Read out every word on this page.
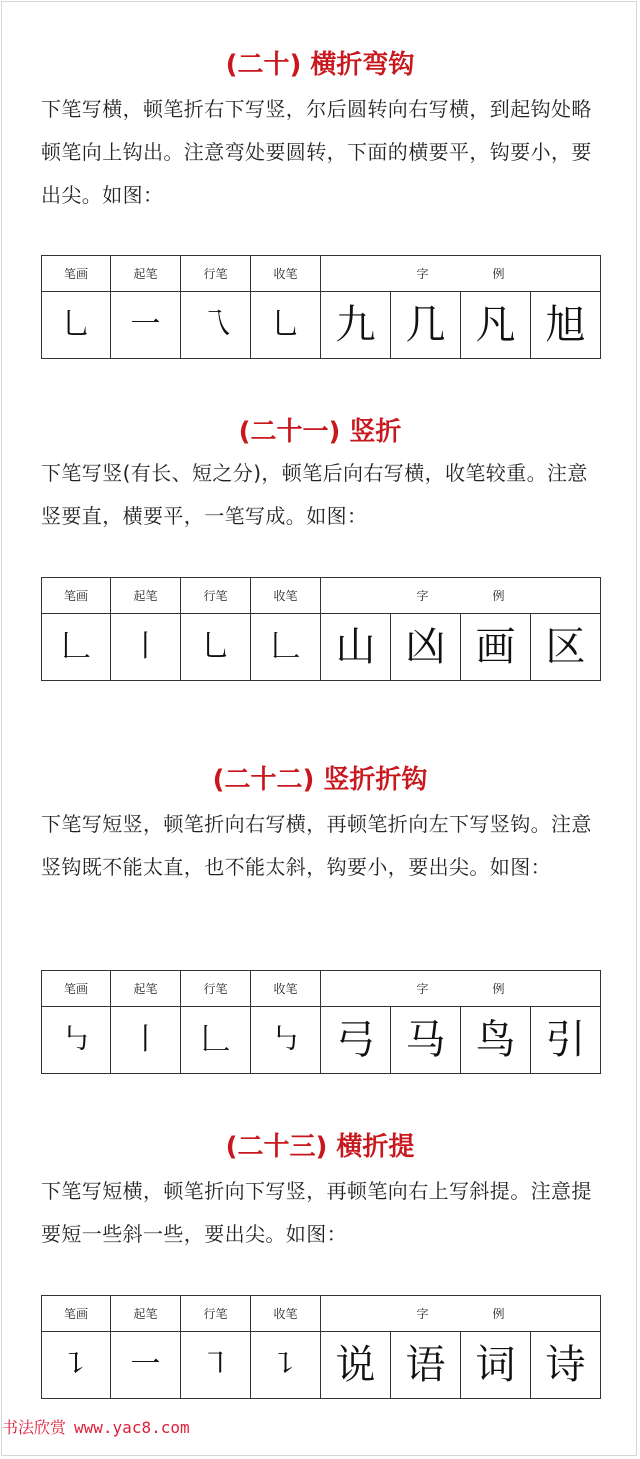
(二十) 横折弯钩
下笔写横，顿笔折右下写竖，尔后圆转向右写横，到起钩处略顿笔向上钩出。注意弯处要圆转，下面的横要平，钩要小，要出尖。如图：
笔画	起笔	行笔	收笔	字 例			

乚	一	乁	乚	九	几	凡	旭
(二十一) 竖折
下笔写竖(有长、短之分)，顿笔后向右写横，收笔较重。注意竖要直，横要平，一笔写成。如图：
笔画	起笔	行笔	收笔	字 例			

𠃊	丨	乚	𠃊	山	凶	画	区
(二十二) 竖折折钩
下笔写短竖，顿笔折向右写横，再顿笔折向左下写竖钩。注意竖钩既不能太直，也不能太斜，钩要小，要出尖。如图：
笔画	起笔	行笔	收笔	字 例			

㇉	丨	𠃊	㇉	弓	马	鸟	引
(二十三) 横折提
下笔写短横，顿笔折向下写竖，再顿笔向右上写斜提。注意提要短一些斜一些，要出尖。如图：
笔画	起笔	行笔	收笔	字 例			

㇊	一	㇕	㇊	说	语	词	诗
书法欣赏 www.yac8.com
